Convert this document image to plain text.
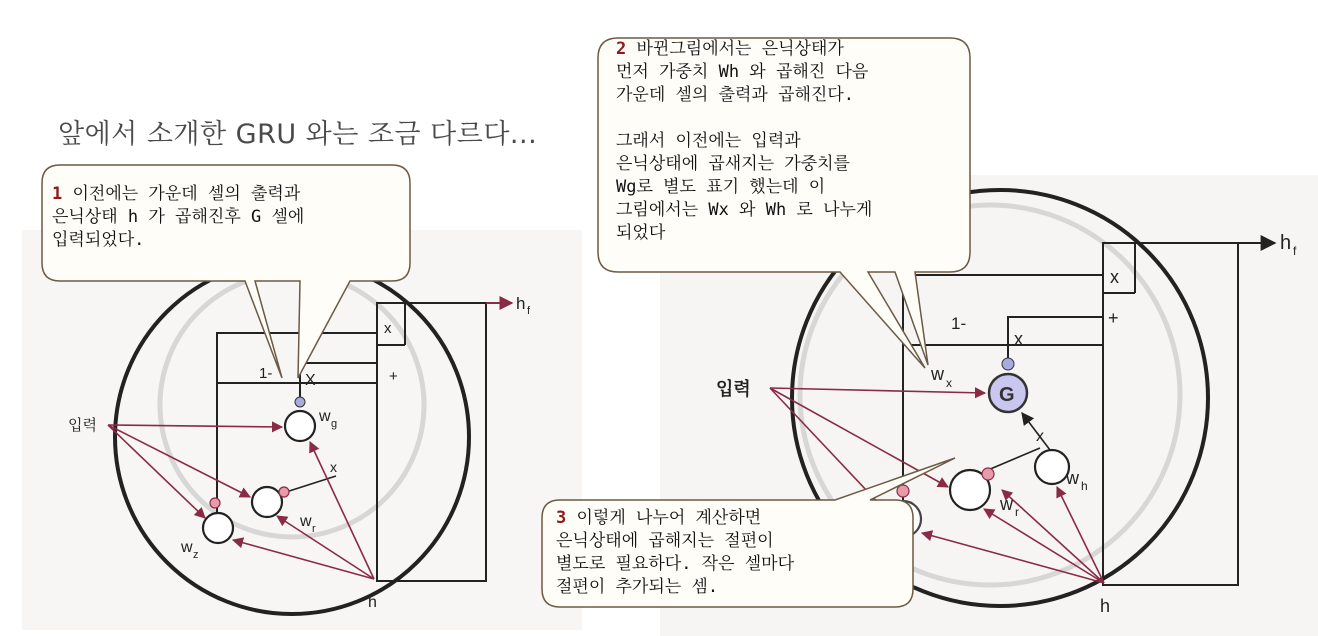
입력
h
h f
x
+
1- X
x
w g
w r
w z
G
입력
h
h f
x
+
1-
x
x
w x
w h
w r
앞에서 소개한 GRU 와는 조금 다르다...
1 이전에는 가운데 셀의 출력과
은닉상태 h 가 곱해진후 G 셀에
입력되었다.
2 바뀐그림에서는 은닉상태가
먼저 가중치 Wh 와 곱해진 다음
가운데 셀의 출력과 곱해진다.

그래서 이전에는 입력과
은닉상태에 곱새지는 가중치를
Wg로 별도 표기 했는데 이
그림에서는 Wx 와 Wh 로 나누게
되었다
3 이렇게 나누어 계산하면
은닉상태에 곱해지는 절편이
별도로 필요하다. 작은 셀마다
절편이 추가되는 셈.
